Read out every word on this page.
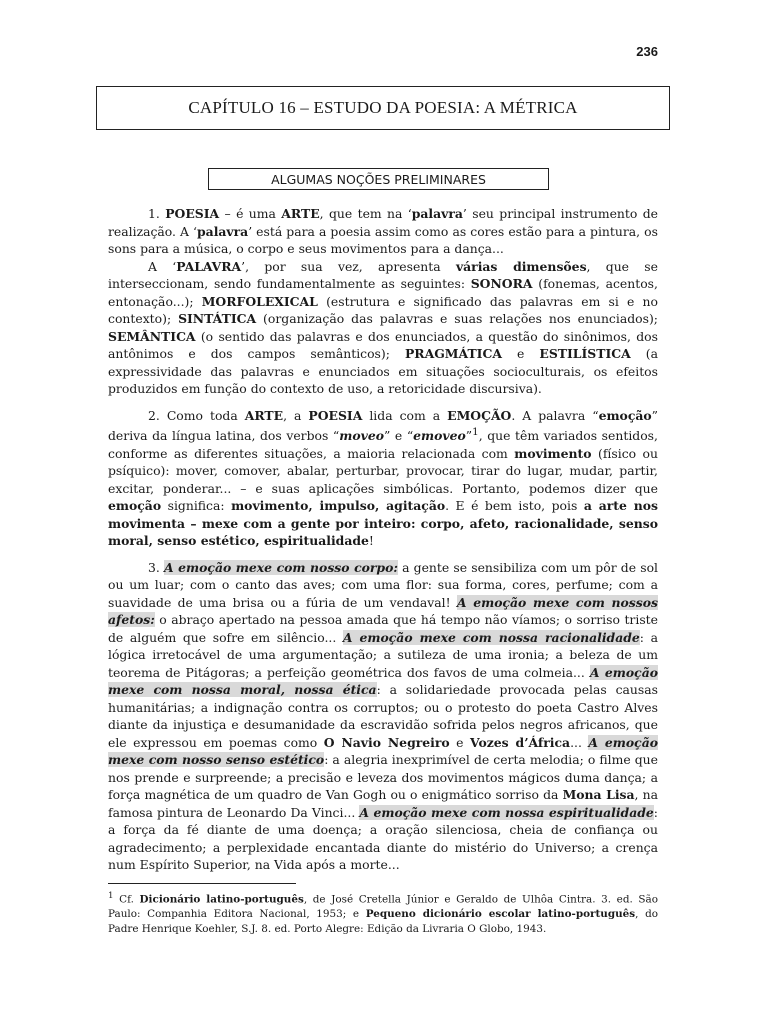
236
CAPÍTULO 16 – ESTUDO DA POESIA: A MÉTRICA
ALGUMAS NOÇÕES PRELIMINARES

1. POESIA – é uma ARTE, que tem na ‘palavra’ seu principal instrumento de realização. A ‘palavra’ está para a poesia assim como as cores estão para a pintura, os sons para a música, o corpo e seus movimentos para a dança...

A ‘PALAVRA’, por sua vez, apresenta várias dimensões, que se interseccionam, sendo fundamentalmente as seguintes: SONORA (fonemas, acentos, entonação...); MORFOLEXICAL (estrutura e significado das palavras em si e no contexto); SINTÁTICA (organização das palavras e suas relações nos enunciados); SEMÂNTICA (o sentido das palavras e dos enunciados, a questão do sinônimos, dos antônimos e dos campos semânticos); PRAGMÁTICA e ESTILÍSTICA (a expressividade das palavras e enunciados em situações socioculturais, os efeitos produzidos em função do contexto de uso, a retoricidade discursiva).

2. Como toda ARTE, a POESIA lida com a EMOÇÃO. A palavra “emoção” deriva da língua latina, dos verbos “moveo” e “emoveo”$^1$, que têm variados sentidos, conforme as diferentes situações, a maioria relacionada com movimento (físico ou psíquico): mover, comover, abalar, perturbar, provocar, tirar do lugar, mudar, partir, excitar, ponderar... – e suas aplicações simbólicas. Portanto, podemos dizer que emoção significa: movimento, impulso, agitação. E é bem isto, pois a arte nos movimenta – mexe com a gente por inteiro: corpo, afeto, racionalidade, senso moral, senso estético, espiritualidade!

3. A emoção mexe com nosso corpo: a gente se sensibiliza com um pôr de sol ou um luar; com o canto das aves; com uma flor: sua forma, cores, perfume; com a suavidade de uma brisa ou a fúria de um vendaval! A emoção mexe com nossos afetos: o abraço apertado na pessoa amada que há tempo não víamos; o sorriso triste de alguém que sofre em silêncio... A emoção mexe com nossa racionalidade: a lógica irretocável de uma argumentação; a sutileza de uma ironia; a beleza de um teorema de Pitágoras; a perfeição geométrica dos favos de uma colmeia... A emoção mexe com nossa moral, nossa ética: a solidariedade provocada pelas causas humanitárias; a indignação contra os corruptos; ou o protesto do poeta Castro Alves diante da injustiça e desumanidade da escravidão sofrida pelos negros africanos, que ele expressou em poemas como O Navio Negreiro e Vozes d’África... A emoção mexe com nosso senso estético: a alegria inexprimível de certa melodia; o filme que nos prende e surpreende; a precisão e leveza dos movimentos mágicos duma dança; a força magnética de um quadro de Van Gogh ou o enigmático sorriso da Mona Lisa, na famosa pintura de Leonardo Da Vinci... A emoção mexe com nossa espiritualidade: a força da fé diante de uma doença; a oração silenciosa, cheia de confiança ou agradecimento; a perplexidade encantada diante do mistério do Universo; a crença num Espírito Superior, na Vida após a morte...

$^1$ Cf. Dicionário latino-português, de José Cretella Júnior e Geraldo de Ulhôa Cintra. 3. ed. São Paulo: Companhia Editora Nacional, 1953; e Pequeno dicionário escolar latino-português, do Padre Henrique Koehler, S.J. 8. ed. Porto Alegre: Edição da Livraria O Globo, 1943.
